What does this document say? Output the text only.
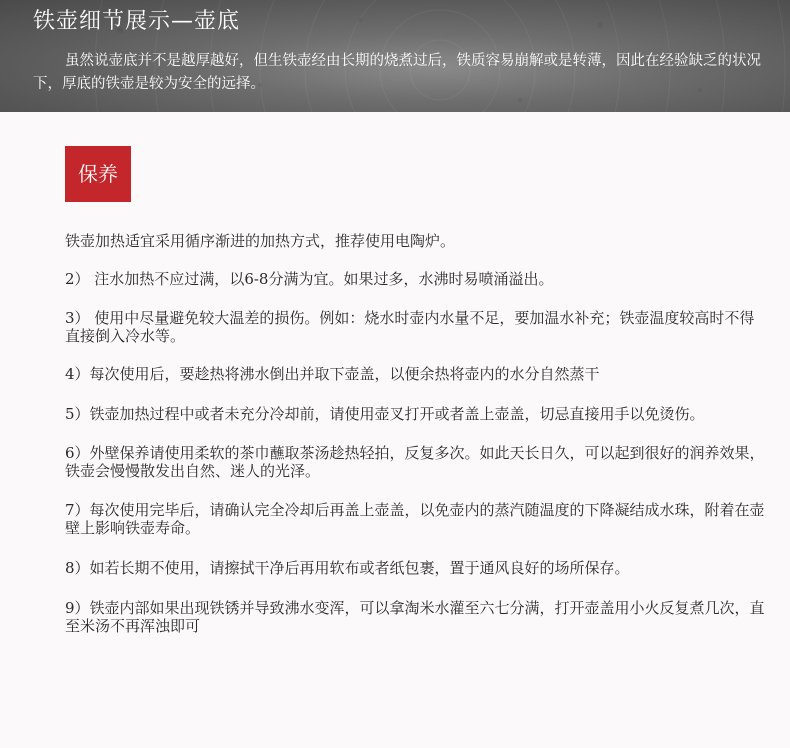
铁壶细节展示—壶底
虽然说壶底并不是越厚越好，但生铁壶经由长期的烧煮过后，铁质容易崩解或是转薄，因此在经验缺乏的状况下，厚底的铁壶是较为安全的远择。
保养
铁壶加热适宜采用循序渐进的加热方式，推荐使用电陶炉。
2） 注水加热不应过满，以6-8分满为宜。如果过多，水沸时易喷涌溢出。
3） 使用中尽量避免较大温差的损伤。例如：烧水时壶内水量不足，要加温水补充；铁壶温度较高时不得直接倒入冷水等。
4）每次使用后，要趁热将沸水倒出并取下壶盖，以便余热将壶内的水分自然蒸干
5）铁壶加热过程中或者未充分冷却前，请使用壶叉打开或者盖上壶盖，切忌直接用手以免烫伤。
6）外壁保养请使用柔软的茶巾蘸取茶汤趁热轻拍，反复多次。如此天长日久，可以起到很好的润养效果，铁壶会慢慢散发出自然、迷人的光泽。
7）每次使用完毕后，请确认完全冷却后再盖上壶盖，以免壶内的蒸汽随温度的下降凝结成水珠，附着在壶壁上影响铁壶寿命。
8）如若长期不使用，请擦拭干净后再用软布或者纸包裹，置于通风良好的场所保存。
9）铁壶内部如果出现铁锈并导致沸水变浑，可以拿淘米水灌至六七分满，打开壶盖用小火反复煮几次，直至米汤不再浑浊即可
